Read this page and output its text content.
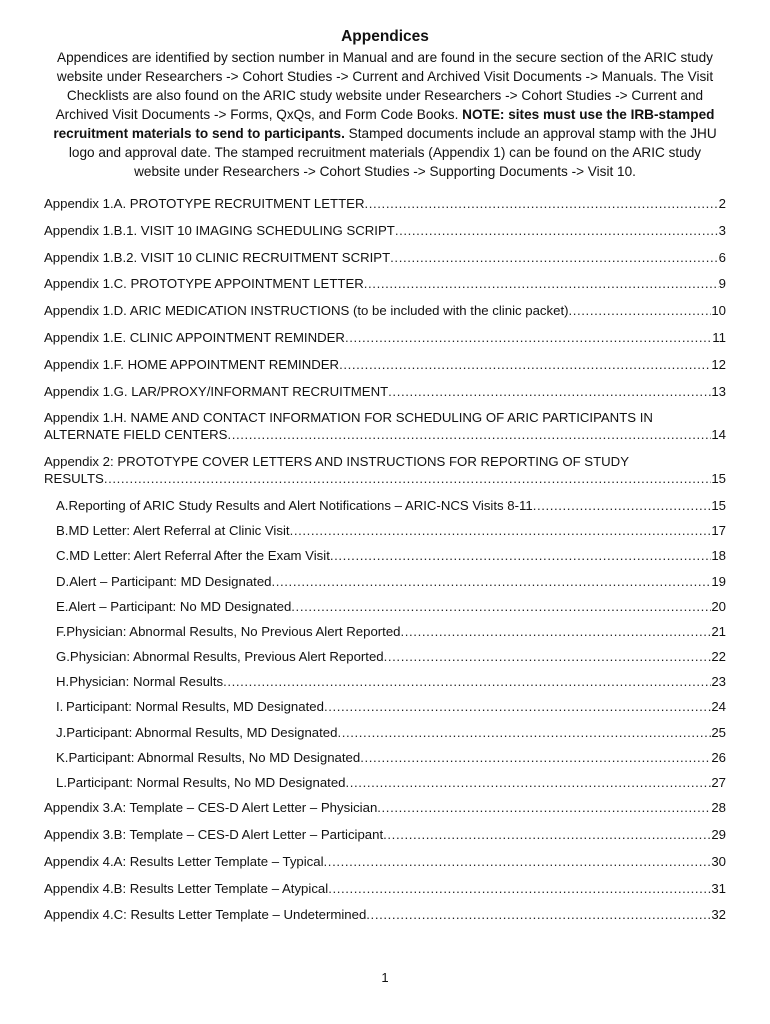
Appendices

Appendices are identified by section number in Manual and are found in the secure section of the ARIC study website under Researchers -> Cohort Studies -> Current and Archived Visit Documents -> Manuals. The Visit Checklists are also found on the ARIC study website under Researchers -> Cohort Studies -> Current and Archived Visit Documents -> Forms, QxQs, and Form Code Books. NOTE: sites must use the IRB-stamped recruitment materials to send to participants. Stamped documents include an approval stamp with the JHU logo and approval date. The stamped recruitment materials (Appendix 1) can be found on the ARIC study website under Researchers -> Cohort Studies -> Supporting Documents -> Visit 10.

Appendix 1.A. PROTOTYPE RECRUITMENT LETTER .....	2
Appendix 1.B.1. VISIT 10 IMAGING SCHEDULING SCRIPT .....	3
Appendix 1.B.2. VISIT 10 CLINIC RECRUITMENT SCRIPT .....	6
Appendix 1.C. PROTOTYPE APPOINTMENT LETTER .....	9
Appendix 1.D. ARIC MEDICATION INSTRUCTIONS (to be included with the clinic packet) .....	10
Appendix 1.E. CLINIC APPOINTMENT REMINDER .....	11
Appendix 1.F. HOME APPOINTMENT REMINDER .....	12
Appendix 1.G. LAR/PROXY/INFORMANT RECRUITMENT .....	13
Appendix 1.H. NAME AND CONTACT INFORMATION FOR SCHEDULING OF ARIC PARTICIPANTS IN
ALTERNATE FIELD CENTERS .....	14
Appendix 2: PROTOTYPE COVER LETTERS AND INSTRUCTIONS FOR REPORTING OF STUDY
RESULTS .....	15
A. Reporting of ARIC Study Results and Alert Notifications – ARIC-NCS Visits 8-11 .....	15
B. MD Letter: Alert Referral at Clinic Visit .....	17
C. MD Letter: Alert Referral After the Exam Visit .....	18
D. Alert – Participant: MD Designated .....	19
E. Alert – Participant: No MD Designated .....	20
F. Physician: Abnormal Results, No Previous Alert Reported .....	21
G. Physician: Abnormal Results, Previous Alert Reported .....	22
H. Physician: Normal Results .....	23
I. Participant: Normal Results, MD Designated .....	24
J. Participant: Abnormal Results, MD Designated .....	25
K. Participant: Abnormal Results, No MD Designated .....	26
L. Participant: Normal Results, No MD Designated .....	27
Appendix 3.A: Template – CES-D Alert Letter – Physician .....	28
Appendix 3.B: Template – CES-D Alert Letter – Participant .....	29
Appendix 4.A: Results Letter Template – Typical .....	30
Appendix 4.B: Results Letter Template – Atypical .....	31
Appendix 4.C: Results Letter Template – Undetermined .....	32
1
